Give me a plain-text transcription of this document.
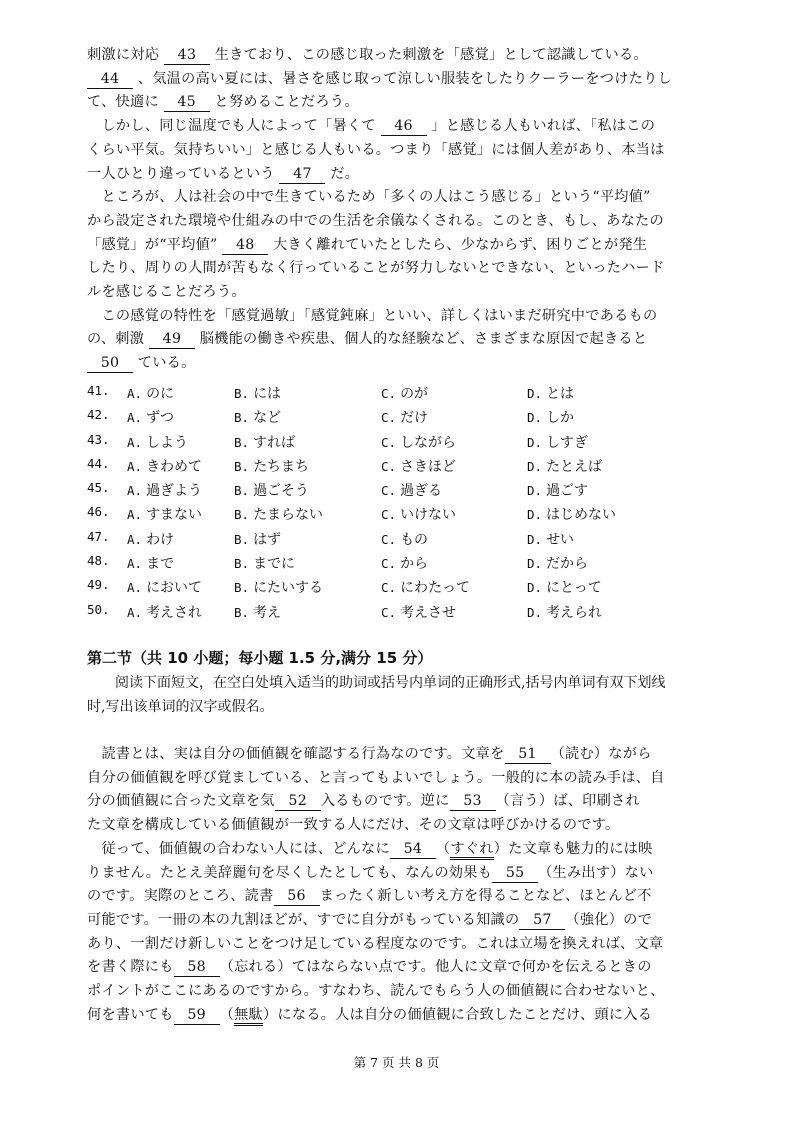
刺激に対応 43 生きており、この感じ取った刺激を「感覚」として認識している。

44 、気温の高い夏には、暑さを感じ取って涼しい服装をしたりクーラーをつけたりし

て、快適に 45 と努めることだろう。

　しかし、同じ温度でも人によって「暑くて 46 」と感じる人もいれば、「私はこの

くらい平気。気持ちいい」と感じる人もいる。つまり「感覚」には個人差があり、本当は

一人ひとり違っているという 47 だ。

　ところが、人は社会の中で生きているため「多くの人はこう感じる」という“平均値”

から設定された環境や仕組みの中での生活を余儀なくされる。このとき、もし、あなたの

「感覚」が“平均値” 48 大きく離れていたとしたら、少なからず、困りごとが発生

したり、周りの人間が苦もなく行っていることが努力しないとできない、といったハード

ルを感じることだろう。

　この感覚の特性を「感覚過敏」「感覚鈍麻」といい、詳しくはいまだ研究中であるもの

の、刺激 49 脳機能の働きや疾患、個人的な経験など、さまざまな原因で起きると

50 ている。

41. A. のに	B. には	C. のが	D. とは
42. A. ずつ	B. など	C. だけ	D. しか
43. A. しよう	B. すれば	C. しながら	D. しすぎ
44. A. きわめて	B. たちまち	C. さきほど	D. たとえば
45. A. 過ぎよう	B. 過ごそう	C. 過ぎる	D. 過ごす
46. A. すまない	B. たまらない	C. いけない	D. はじめない
47. A. わけ	B. はず	C. もの	D. せい
48. A. まで	B. までに	C. から	D. だから
49. A. において	B. にたいする	C. にわたって	D. にとって
50. A. 考えされ	B. 考え	C. 考えさせ	D. 考えられ
第二节（共 10 小题；每小题 1.5 分,满分 15 分）
阅读下面短文，在空白处填入适当的助词或括号内单词的正确形式,括号内单词有双下划线时,写出该单词的汉字或假名。

　読書とは、実は自分の価値観を確認する行為なのです。文章を 51 （読む）ながら

自分の価値観を呼び覚ましている、と言ってもよいでしょう。一般的に本の読み手は、自

分の価値観に合った文章を気 52 入るものです。逆に 53 （言う）ば、印刷され

た文章を構成している価値観が一致する人にだけ、その文章は呼びかけるのです。

　従って、価値観の合わない人には、どんなに 54 （すぐれ）た文章も魅力的には映

りません。たとえ美辞麗句を尽くしたとしても、なんの効果も 55 （生み出す）ない

のです。実際のところ、読書 56 まったく新しい考え方を得ることなど、ほとんど不

可能です。一冊の本の九割ほどが、すでに自分がもっている知識の 57 （強化）ので

あり、一割だけ新しいことをつけ足している程度なのです。これは立場を換えれば、文章

を書く際にも 58 （忘れる）てはならない点です。他人に文章で何かを伝えるときの

ポイントがここにあるのですから。すなわち、読んでもらう人の価値観に合わせないと、

何を書いても 59 （無駄）になる。人は自分の価値観に合致したことだけ、頭に入る

第 7 页 共 8 页
